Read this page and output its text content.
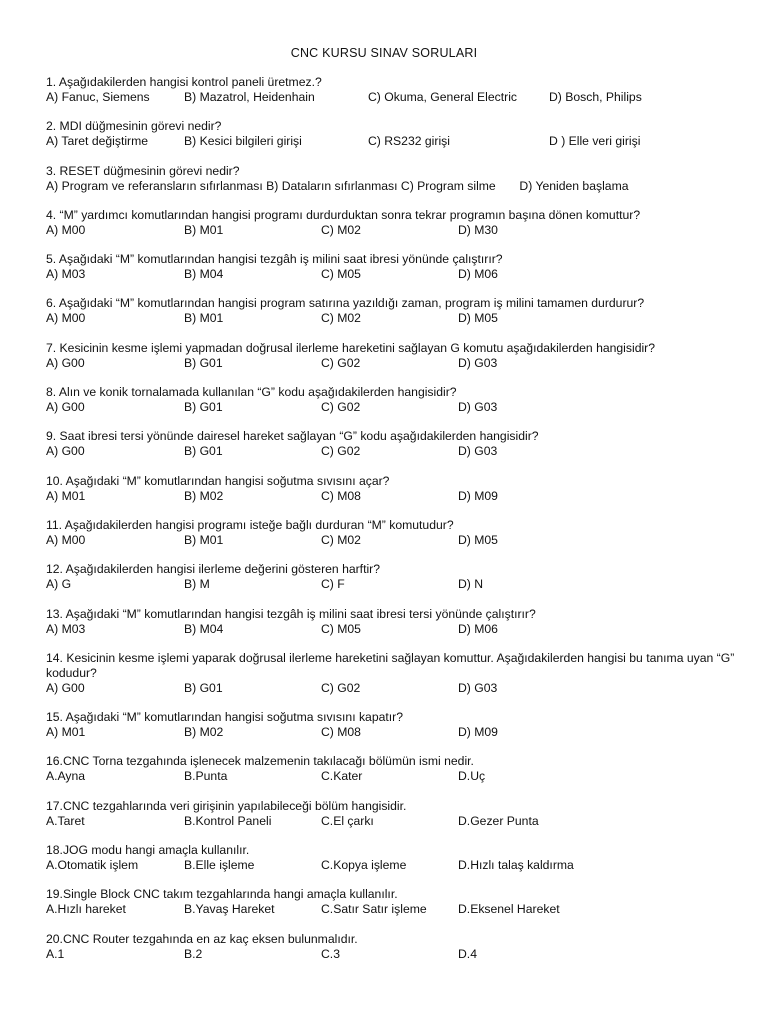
CNC KURSU SINAV SORULARI
1. Aşağıdakilerden hangisi kontrol paneli üretmez.?
A) Fanuc, Siemens	B) Mazatrol, Heidenhain	C) Okuma, General Electric	D) Bosch, Philips
2. MDI düğmesinin görevi nedir?
A) Taret değiştirme	B) Kesici bilgileri girişi	C) RS232 girişi	D ) Elle veri girişi
3. RESET düğmesinin görevi nedir?
A) Program ve referansların sıfırlanması B) Dataların sıfırlanması C) Program silme       D) Yeniden başlama
4. “M” yardımcı komutlarından hangisi programı durdurduktan sonra tekrar programın başına dönen komuttur?
A) M00	B) M01	C) M02	D) M30
5. Aşağıdaki “M” komutlarından hangisi tezgâh iş milini saat ibresi yönünde çalıştırır?
A) M03	B) M04	C) M05	D) M06
6. Aşağıdaki “M” komutlarından hangisi program satırına yazıldığı zaman, program iş milini tamamen durdurur?
A) M00	B) M01	C) M02	D) M05
7. Kesicinin kesme işlemi yapmadan doğrusal ilerleme hareketini sağlayan G komutu aşağıdakilerden hangisidir?
A) G00	B) G01	C) G02	D) G03
8. Alın ve konik tornalamada kullanılan “G” kodu aşağıdakilerden hangisidir?
A) G00	B) G01	C) G02	D) G03
9. Saat ibresi tersi yönünde dairesel hareket sağlayan “G” kodu aşağıdakilerden hangisidir?
A) G00	B) G01	C) G02	D) G03
10. Aşağıdaki “M” komutlarından hangisi soğutma sıvısını açar?
A) M01	B) M02	C) M08	D) M09
11. Aşağıdakilerden hangisi programı isteğe bağlı durduran “M” komutudur?
A) M00	B) M01	C) M02	D) M05
12. Aşağıdakilerden hangisi ilerleme değerini gösteren harftir?
A) G	B) M	C) F	D) N
13. Aşağıdaki “M” komutlarından hangisi tezgâh iş milini saat ibresi tersi yönünde çalıştırır?
A) M03	B) M04	C) M05	D) M06
14. Kesicinin kesme işlemi yaparak doğrusal ilerleme hareketini sağlayan komuttur. Aşağıdakilerden hangisi bu tanıma uyan “G” kodudur?
A) G00	B) G01	C) G02	D) G03
15. Aşağıdaki “M” komutlarından hangisi soğutma sıvısını kapatır?
A) M01	B) M02	C) M08	D) M09
16.CNC Torna tezgahında işlenecek malzemenin takılacağı bölümün ismi nedir.
A.Ayna	B.Punta	C.Kater	D.Uç
17.CNC tezgahlarında veri girişinin yapılabileceği bölüm hangisidir.
A.Taret	B.Kontrol Paneli	C.El çarkı	D.Gezer Punta
18.JOG modu hangi amaçla kullanılır.
A.Otomatik işlem	B.Elle işleme	C.Kopya işleme	D.Hızlı talaş kaldırma
19.Single Block CNC takım tezgahlarında hangi amaçla kullanılır.
A.Hızlı hareket	B.Yavaş Hareket	C.Satır Satır işleme	D.Eksenel Hareket
20.CNC Router tezgahında en az kaç eksen bulunmalıdır.
A.1	B.2	C.3	D.4
